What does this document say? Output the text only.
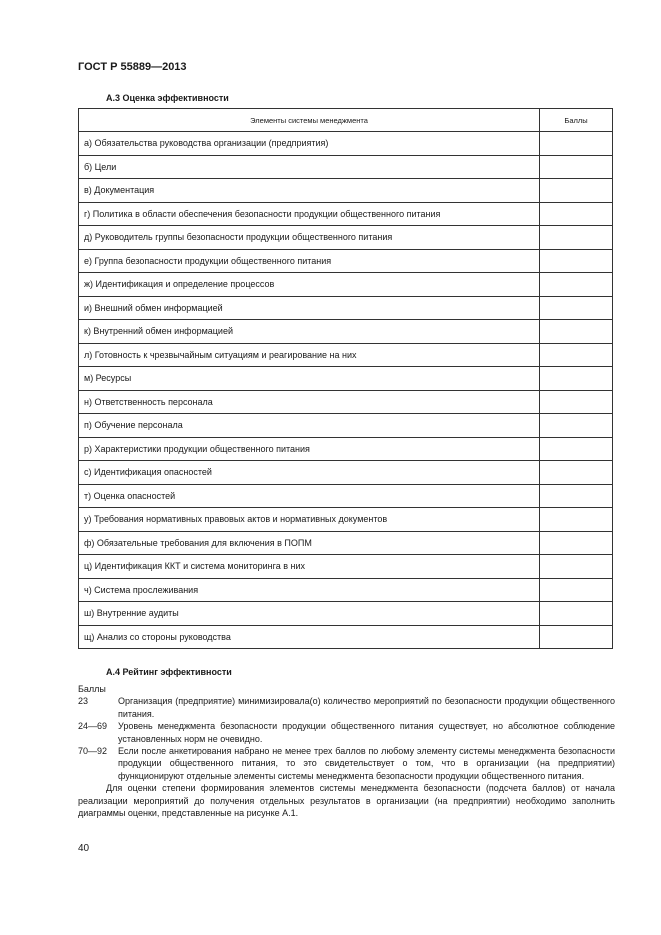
ГОСТ Р 55889—2013
А.3 Оценка эффективности
Элементы системы менеджмента	Баллы
а) Обязательства руководства организации (предприятия)	
б) Цели	
в) Документация	
г) Политика в области обеспечения безопасности продукции общественного питания	
д) Руководитель группы безопасности продукции общественного питания	
е) Группа безопасности продукции общественного питания	
ж) Идентификация и определение процессов	
и) Внешний обмен информацией	
к) Внутренний обмен информацией	
л) Готовность к чрезвычайным ситуациям и реагирование на них	
м) Ресурсы	
н) Ответственность персонала	
п) Обучение персонала	
р) Характеристики продукции общественного питания	
с) Идентификация опасностей	
т) Оценка опасностей	
у) Требования нормативных правовых актов и нормативных документов	
ф) Обязательные требования для включения в ПОПМ	
ц) Идентификация ККТ и система мониторинга в них	
ч) Система прослеживания	
ш) Внутренние аудиты	
щ) Анализ со стороны руководства	
А.4 Рейтинг эффективности
Баллы
23	Организация (предприятие) минимизировала(о) количество мероприятий по безопасности продукции общественного питания.
24—69	Уровень менеджмента безопасности продукции общественного питания существует, но абсолютное соблюдение установленных норм не очевидно.
70—92	Если после анкетирования набрано не менее трех баллов по любому элементу системы менеджмента безопасности продукции общественного питания, то это свидетельствует о том, что в организации (на предприятии) функционируют отдельные элементы системы менеджмента безопасности продукции общественного питания.
Для оценки степени формирования элементов системы менеджмента безопасности (подсчета баллов) от начала реализации мероприятий до получения отдельных результатов в организации (на предприятии) необходимо заполнить диаграммы оценки, представленные на рисунке А.1.
40
